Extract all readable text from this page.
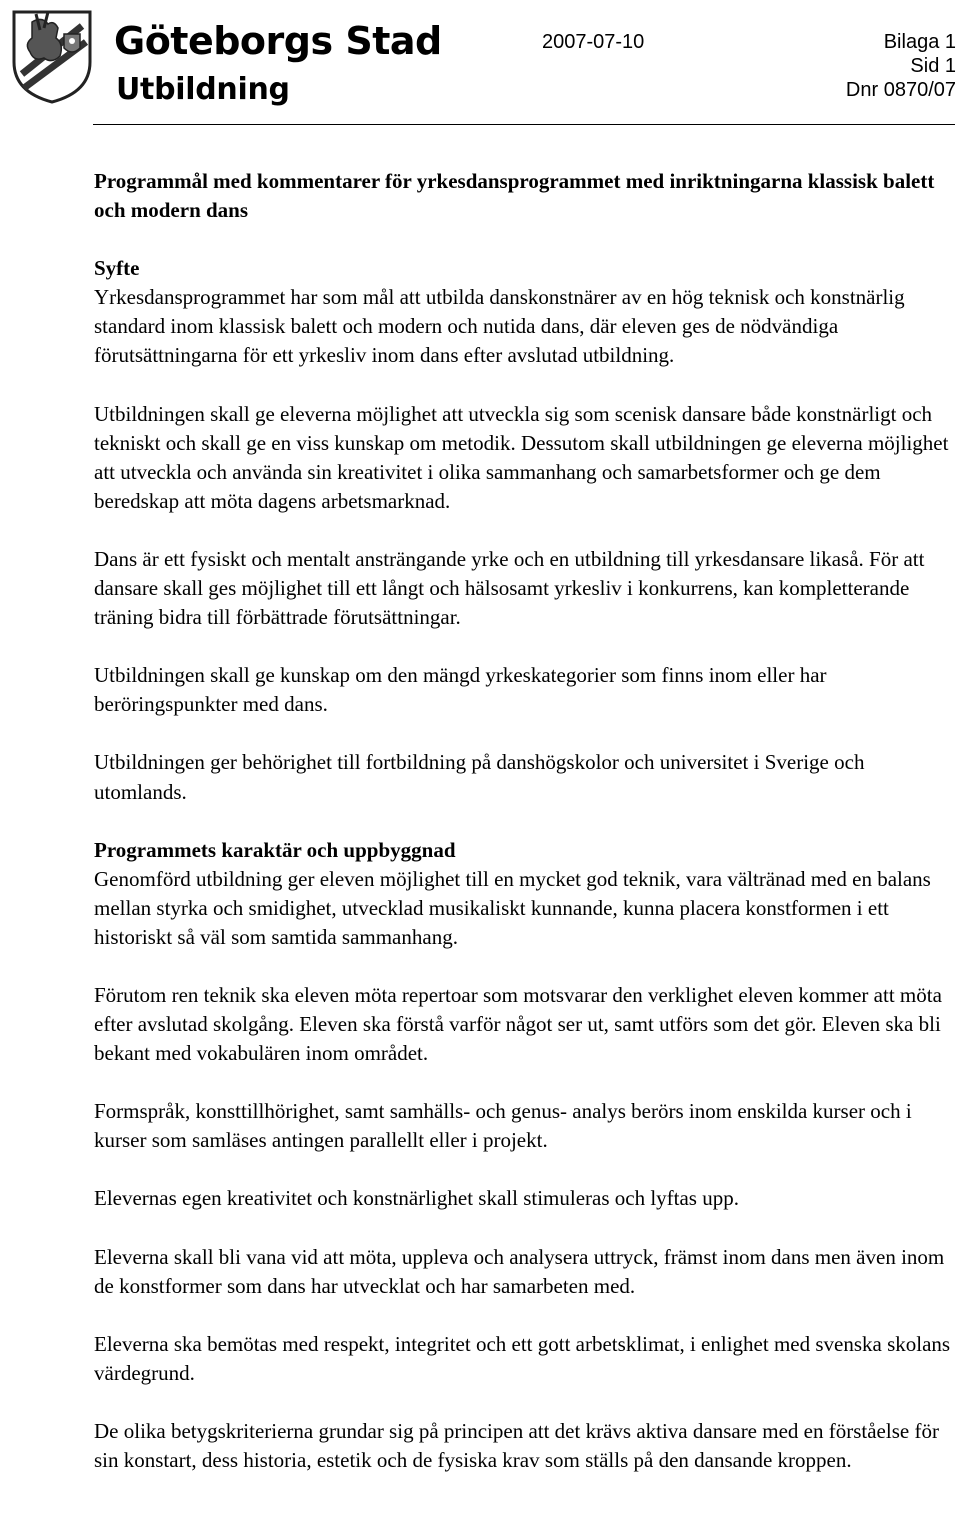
Göteborgs Stad
Utbildning
2007-07-10	Bilaga 1
Sid 1
Dnr 0870/07

Programmål med kommentarer för yrkesdansprogrammet med inriktningarna klassisk balett och modern dans

Syfte

Yrkesdansprogrammet har som mål att utbilda danskonstnärer av en hög teknisk och konstnärlig standard inom klassisk balett och modern och nutida dans, där eleven ges de nödvändiga förutsättningarna för ett yrkesliv inom dans efter avslutad utbildning.

Utbildningen skall ge eleverna möjlighet att utveckla sig som scenisk dansare både konstnärligt och tekniskt och skall ge en viss kunskap om metodik. Dessutom skall utbildningen ge eleverna möjlighet att utveckla och använda sin kreativitet i olika sammanhang och samarbetsformer och ge dem beredskap att möta dagens arbetsmarknad.

Dans är ett fysiskt och mentalt ansträngande yrke och en utbildning till yrkesdansare likaså. För att dansare skall ges möjlighet till ett långt och hälsosamt yrkesliv i konkurrens, kan kompletterande träning bidra till förbättrade förutsättningar.

Utbildningen skall ge kunskap om den mängd yrkeskategorier som finns inom eller har beröringspunkter med dans.

Utbildningen ger behörighet till fortbildning på danshögskolor och universitet i Sverige och utomlands.

Programmets karaktär och uppbyggnad

Genomförd utbildning ger eleven möjlighet till en mycket god teknik, vara vältränad med en balans mellan styrka och smidighet, utvecklad musikaliskt kunnande, kunna placera konstformen i ett historiskt så väl som samtida sammanhang.

Förutom ren teknik ska eleven möta repertoar som motsvarar den verklighet eleven kommer att möta efter avslutad skolgång. Eleven ska förstå varför något ser ut, samt utförs som det gör. Eleven ska bli bekant med vokabulären inom området.

Formspråk, konsttillhörighet, samt samhälls- och genus- analys berörs inom enskilda kurser och i kurser som samläses antingen parallellt eller i projekt.

Elevernas egen kreativitet och konstnärlighet skall stimuleras och lyftas upp.

Eleverna skall bli vana vid att möta, uppleva och analysera uttryck, främst inom dans men även inom de konstformer som dans har utvecklat och har samarbeten med.

Eleverna ska bemötas med respekt, integritet och ett gott arbetsklimat, i enlighet med svenska skolans värdegrund.

De olika betygskriterierna grundar sig på principen att det krävs aktiva dansare med en förståelse för sin konstart, dess historia, estetik och de fysiska krav som ställs på den dansande kroppen.
